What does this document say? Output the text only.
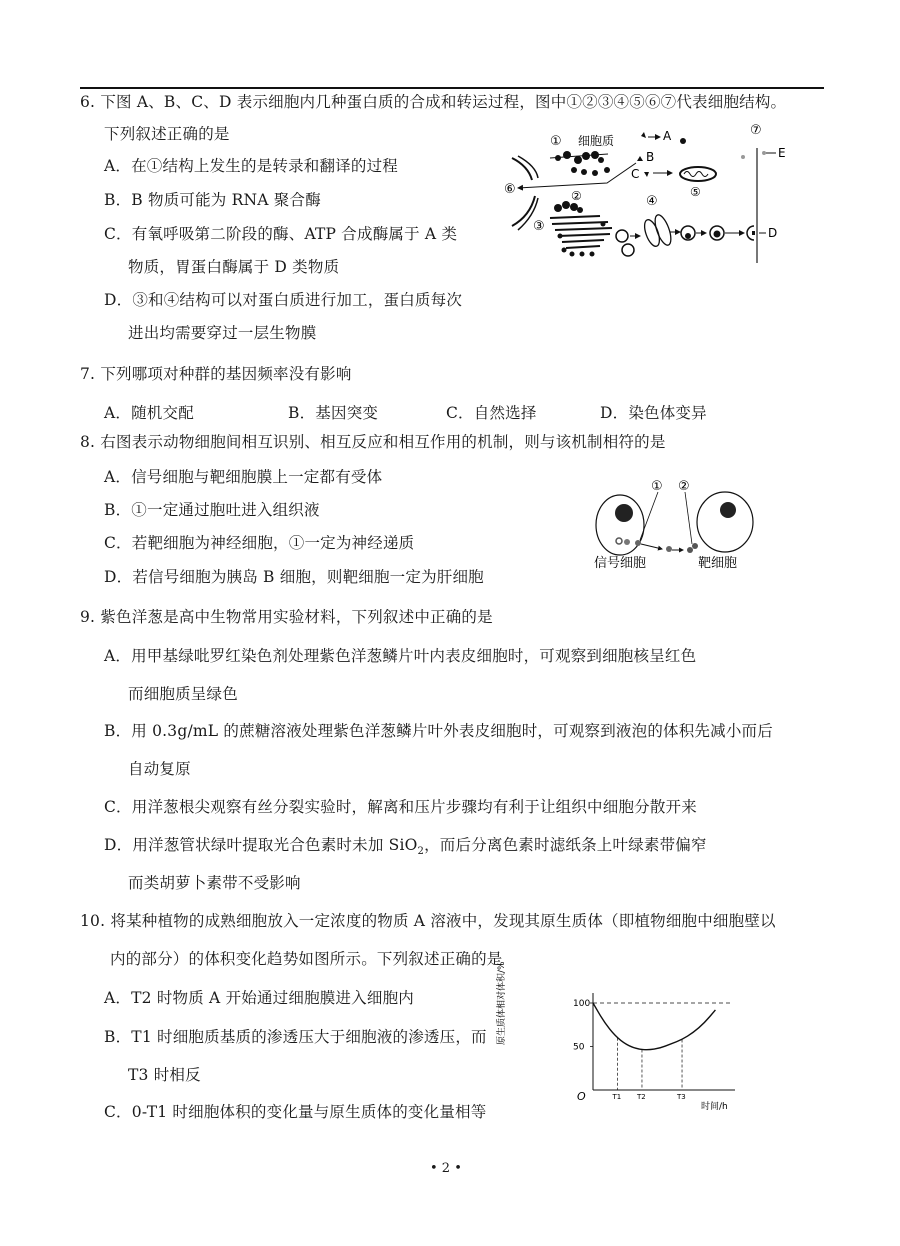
6. 下图 A、B、C、D 表示细胞内几种蛋白质的合成和转运过程，图中①②③④⑤⑥⑦代表细胞结构。
下列叙述正确的是
A．在①结构上发生的是转录和翻译的过程
B．B 物质可能为 RNA 聚合酶
C．有氧呼吸第二阶段的酶、ATP 合成酶属于 A 类
物质，胃蛋白酶属于 D 类物质
D．③和④结构可以对蛋白质进行加工，蛋白质每次
进出均需要穿过一层生物膜
① 细胞质	A
B
C
⑤
⑥	②
③
④
D
⑦
E
7. 下列哪项对种群的基因频率没有影响
A．随机交配	B．基因突变	C．自然选择	D．染色体变异
8. 右图表示动物细胞间相互识别、相互反应和相互作用的机制，则与该机制相符的是
A．信号细胞与靶细胞膜上一定都有受体
B．①一定通过胞吐进入组织液
C．若靶细胞为神经细胞，①一定为神经递质
D．若信号细胞为胰岛 B 细胞，则靶细胞一定为肝细胞
① ②
信号细胞	靶细胞
9. 紫色洋葱是高中生物常用实验材料，下列叙述中正确的是
A．用甲基绿吡罗红染色剂处理紫色洋葱鳞片叶内表皮细胞时，可观察到细胞核呈红色
而细胞质呈绿色
B．用 0.3g/mL 的蔗糖溶液处理紫色洋葱鳞片叶外表皮细胞时，可观察到液泡的体积先减小而后
自动复原
C．用洋葱根尖观察有丝分裂实验时，解离和压片步骤均有利于让组织中细胞分散开来
D．用洋葱管状绿叶提取光合色素时未加 SiO$_2$，而后分离色素时滤纸条上叶绿素带偏窄
而类胡萝卜素带不受影响
10. 将某种植物的成熟细胞放入一定浓度的物质 A 溶液中，发现其原生质体（即植物细胞中细胞壁以
内的部分）的体积变化趋势如图所示。下列叙述正确的是
A．T2 时物质 A 开始通过细胞膜进入细胞内
B．T1 时细胞质基质的渗透压大于细胞液的渗透压，而
T3 时相反
C．0-T1 时细胞体积的变化量与原生质体的变化量相等
原生质体相对体积/%
O
时间/h
50
100
T1 T2	T3
• 2 •
